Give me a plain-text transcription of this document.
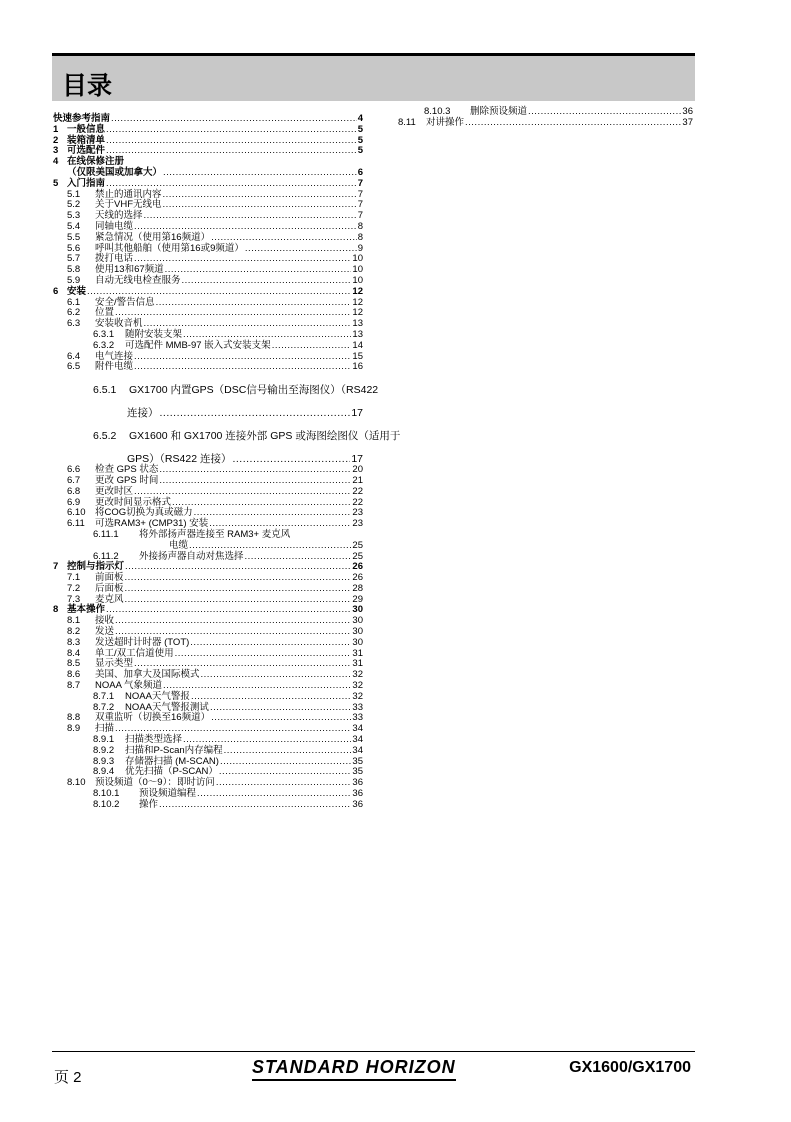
目录
快速参考指南 .....	4
1 一般信息 .....	5
2 装箱清单 .....	5
3 可选配件 .....	5
4 在线保修注册
（仅限美国或加拿大） .....	6
5 入门指南 .....	7
5.1	禁止的通讯内容 .....	7
5.2	关于VHF无线电 .....	7
5.3	天线的选择 .....	7
5.4	同轴电缆 .....	8
5.5	紧急情况（使用第16频道） .....	8
5.6	呼叫其他船舶（使用第16或9频道） .....	9
5.7	拨打电话 .....	10
5.8	使用13和67频道 .....	10
5.9	自动无线电检查服务 .....	10
6 安装 .....	12
6.1	安全/警告信息 .....	12
6.2	位置 .....	12
6.3	安装收音机 .....	13
6.3.1	随附安装支架 .....	13
6.3.2	可选配件 MMB-97 嵌入式安装支架 .....	14
6.4	电气连接 .....	15
6.5	附件电缆 .....	16
6.5.1	GX1700 内置GPS（DSC信号输出至海图仪）（RS422
连接） .....	17
6.5.2	GX1600 和 GX1700 连接外部 GPS 或海图绘图仪（适用于
GPS）（RS422 连接） .....	17
6.6	检查 GPS 状态 .....	20
6.7	更改 GPS 时间 .....	21
6.8	更改时区 .....	22
6.9	更改时间显示格式 .....	22
6.10	将COG切换为真或磁力 .....	23
6.11	可选RAM3+ (CMP31) 安装 .....	23
6.11.1	将外部扬声器连接至 RAM3+ 麦克风
电缆 .....	25
6.11.2	外接扬声器自动对焦选择 .....	25
7 控制与指示灯 .....	26
7.1	前面板 .....	26
7.2	后面板 .....	28
7.3	麦克风 .....	29
8 基本操作 .....	30
8.1	接收 .....	30
8.2	发送 .....	30
8.3	发送超时计时器 (TOT) .....	30
8.4	单工/双工信道使用 .....	31
8.5	显示类型 .....	31
8.6	美国、加拿大及国际模式 .....	32
8.7	NOAA 气象频道 .....	32
8.7.1	NOAA天气警报 .....	32
8.7.2	NOAA天气警报测试 .....	33
8.8	双重监听（切换至16频道） .....	33
8.9	扫描 .....	34
8.9.1	扫描类型选择 .....	34
8.9.2	扫描和P-Scan内存编程 .....	34
8.9.3	存储器扫描 (M-SCAN) .....	35
8.9.4	优先扫描（P-SCAN） .....	35
8.10	预设频道（0～9）：即时访问 .....	36
8.10.1	预设频道编程 .....	36
8.10.2	操作 .....	36
8.10.3	删除预设频道 .....	36
8.11	对讲操作 .....	37
页 2
STANDARD HORIZON	GX1600/GX1700
